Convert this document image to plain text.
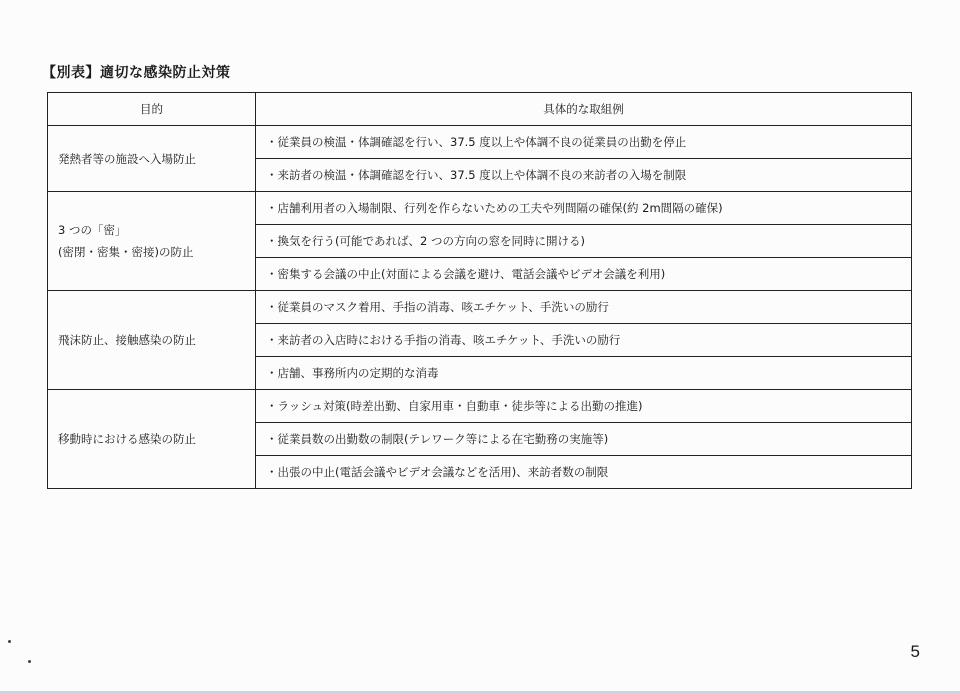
【別表】適切な感染防止対策
目的	具体的な取組例

発熱者等の施設へ入場防止	・従業員の検温・体調確認を行い、37.5 度以上や体調不良の従業員の出勤を停止
	・来訪者の検温・体調確認を行い、37.5 度以上や体調不良の来訪者の入場を制限

3 つの「密」
(密閉・密集・密接)の防止	・店舗利用者の入場制限、行列を作らないための工夫や列間隔の確保(約 2m間隔の確保)
	・換気を行う(可能であれば、2 つの方向の窓を同時に開ける)
	・密集する会議の中止(対面による会議を避け、電話会議やビデオ会議を利用)

飛沫防止、接触感染の防止	・従業員のマスク着用、手指の消毒、咳エチケット、手洗いの励行
	・来訪者の入店時における手指の消毒、咳エチケット、手洗いの励行
	・店舗、事務所内の定期的な消毒

移動時における感染の防止	・ラッシュ対策(時差出勤、自家用車・自動車・徒歩等による出勤の推進)
	・従業員数の出勤数の制限(テレワーク等による在宅勤務の実施等)
	・出張の中止(電話会議やビデオ会議などを活用)、来訪者数の制限
5
